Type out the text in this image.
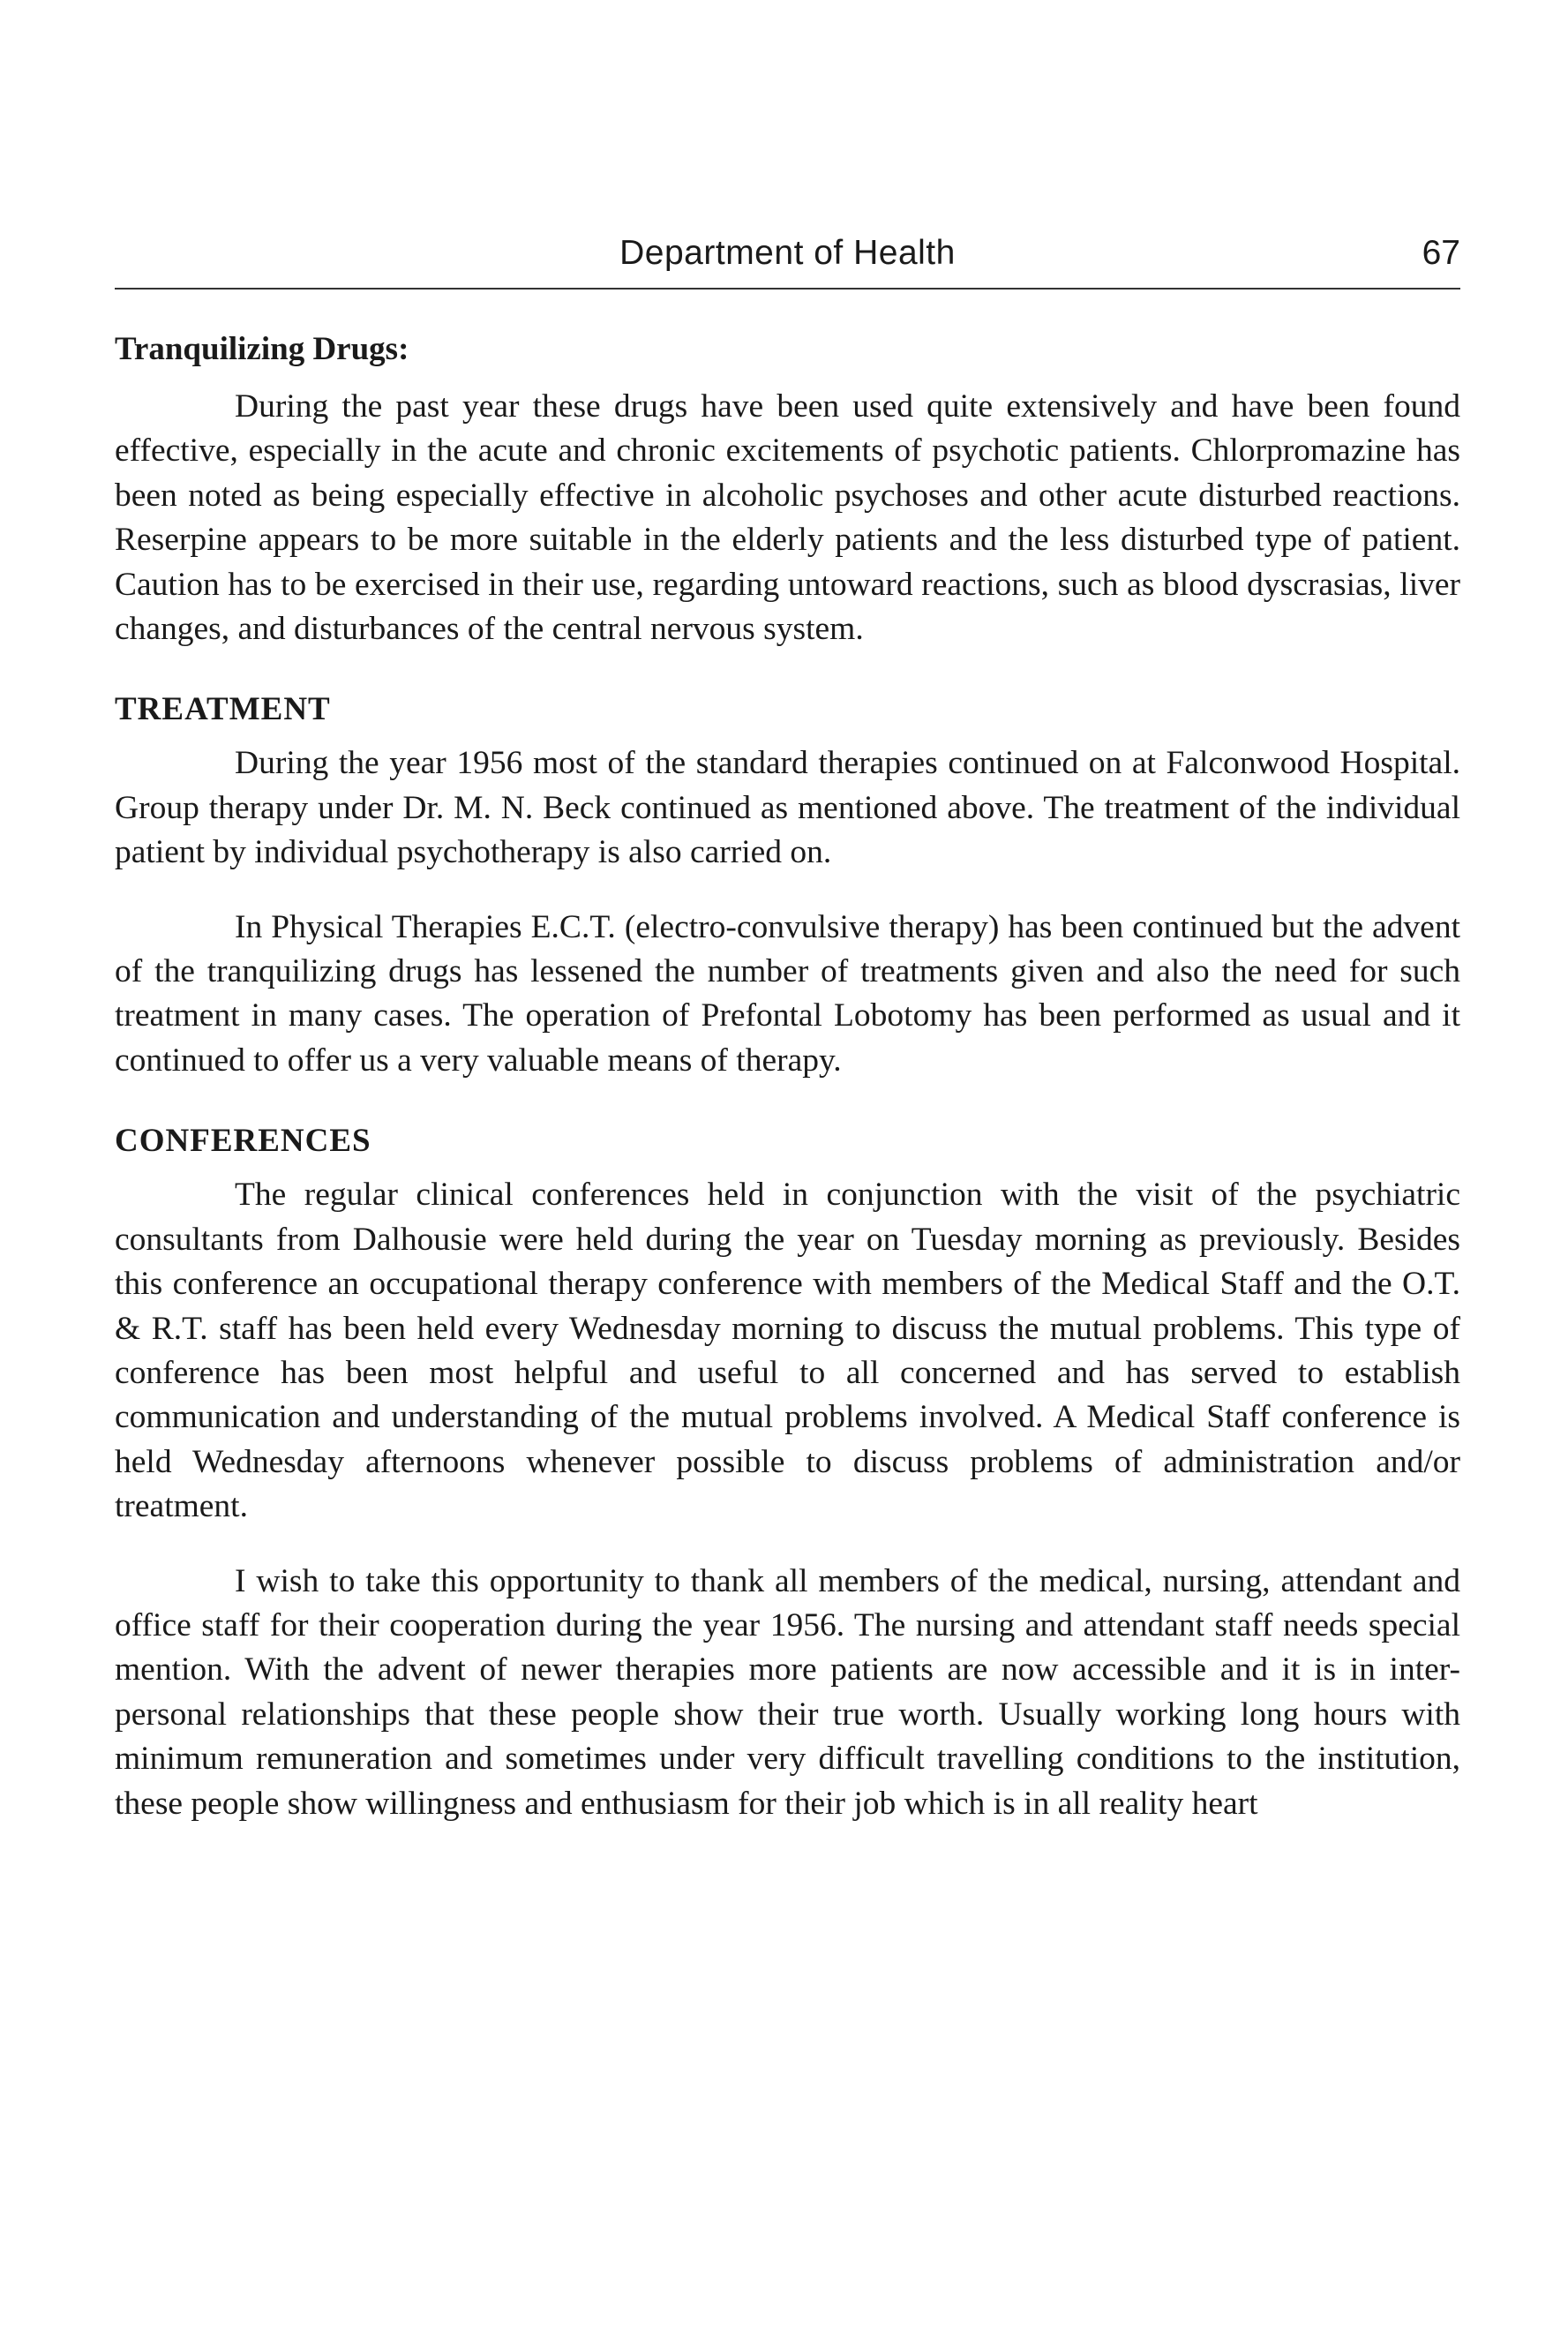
Department of Health	67
Tranquilizing Drugs:

During the past year these drugs have been used quite extensively and have been found effective, especially in the acute and chronic excitements of psychotic patients. Chlorpromazine has been noted as being especially effective in alcoholic psychoses and other acute disturbed reactions. Reserpine appears to be more suitable in the elderly patients and the less disturbed type of patient. Caution has to be exercised in their use, regarding untoward reactions, such as blood dyscrasias, liver changes, and disturbances of the central nervous system.

TREATMENT

During the year 1956 most of the standard therapies continued on at Falconwood Hospital. Group therapy under Dr. M. N. Beck continued as mentioned above. The treatment of the individual patient by individual psychotherapy is also carried on.

In Physical Therapies E.C.T. (electro-convulsive therapy) has been continued but the advent of the tranquilizing drugs has lessened the number of treatments given and also the need for such treatment in many cases. The operation of Prefontal Lobotomy has been performed as usual and it continued to offer us a very valuable means of therapy.

CONFERENCES

The regular clinical conferences held in conjunction with the visit of the psychiatric consultants from Dalhousie were held during the year on Tuesday morning as previously. Besides this conference an occupational therapy conference with members of the Medical Staff and the O.T. & R.T. staff has been held every Wednesday morning to discuss the mutual problems. This type of conference has been most helpful and useful to all concerned and has served to establish communication and understanding of the mutual problems involved. A Medical Staff conference is held Wednesday afternoons whenever possible to discuss problems of administration and/or treatment.

I wish to take this opportunity to thank all members of the medical, nursing, attendant and office staff for their cooperation during the year 1956. The nursing and attendant staff needs special mention. With the advent of newer therapies more patients are now accessible and it is in inter-personal relationships that these people show their true worth. Usually working long hours with minimum remuneration and sometimes under very difficult travelling conditions to the institution, these people show willingness and enthusiasm for their job which is in all reality heart
